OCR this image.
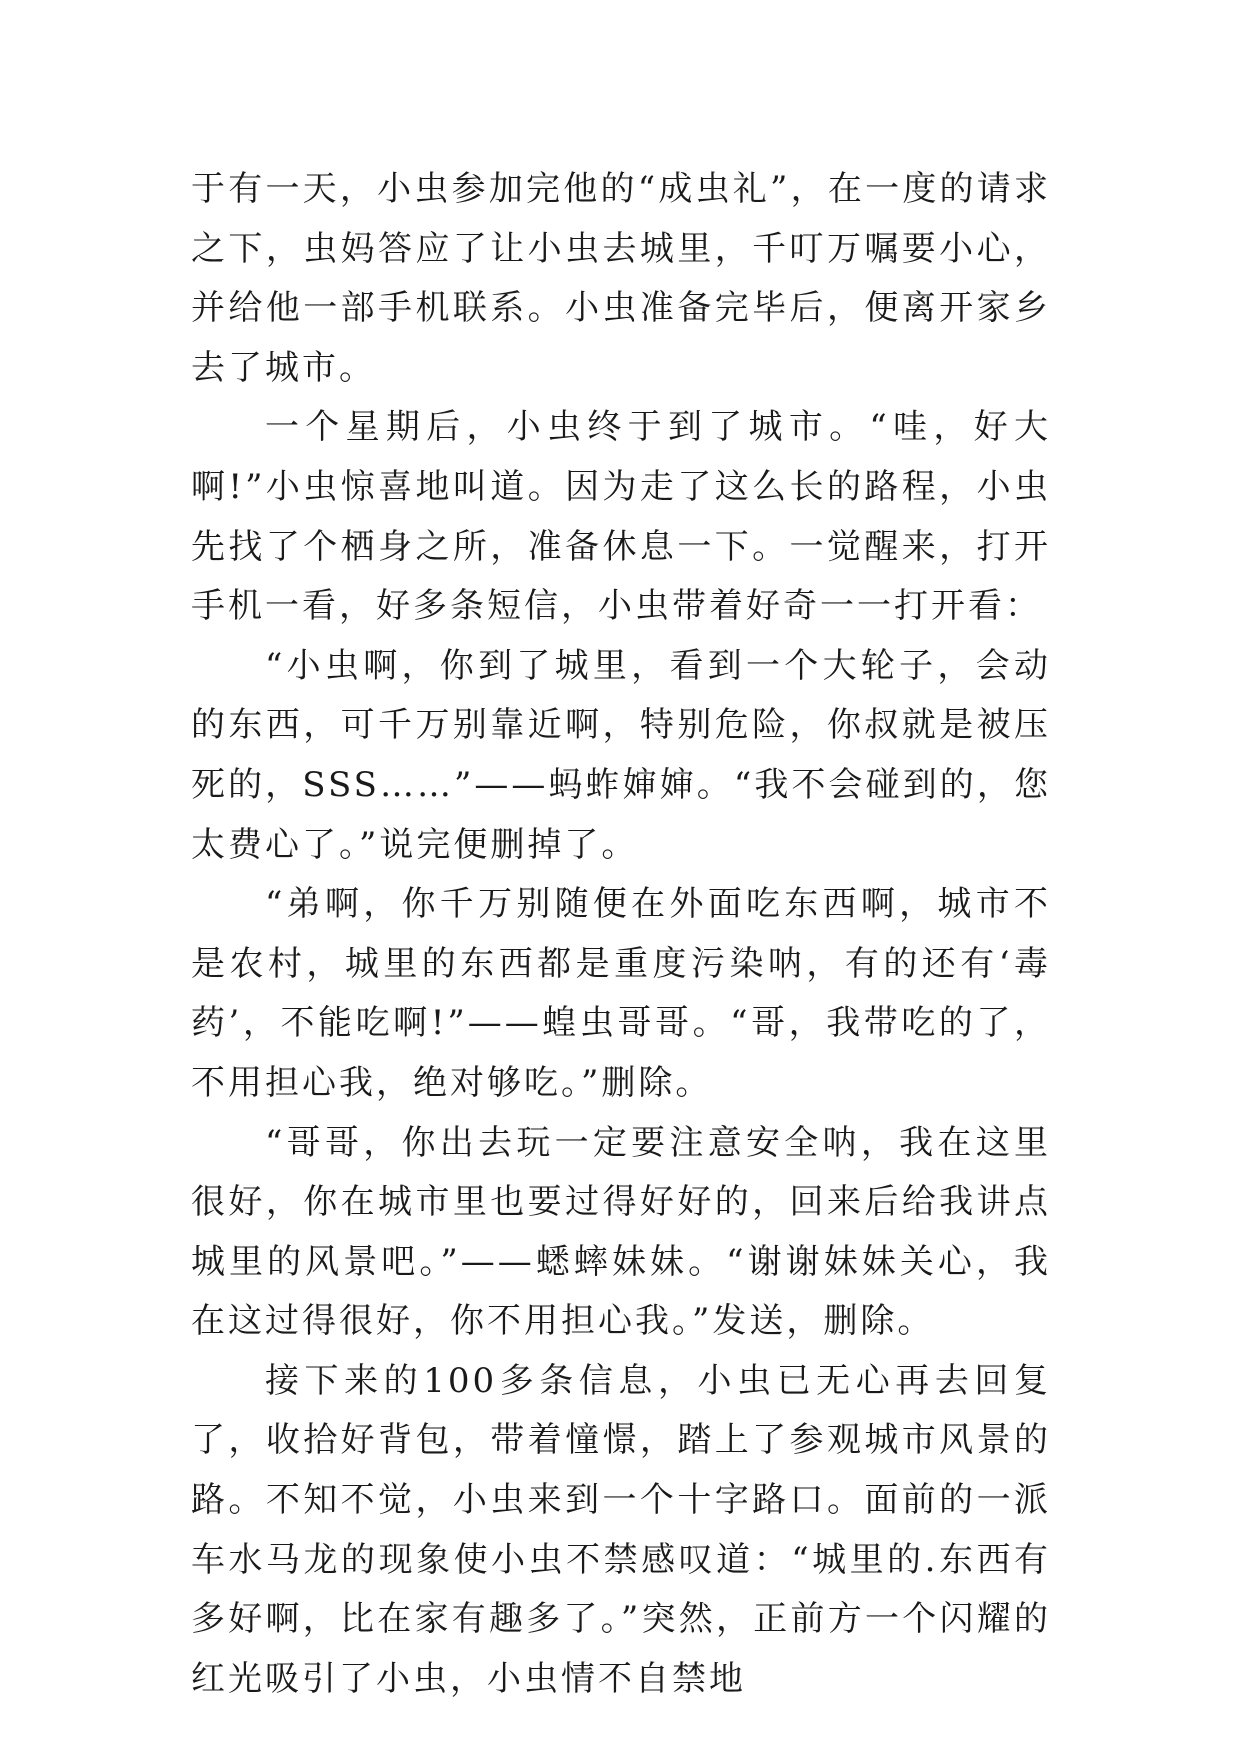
于有一天，小虫参加完他的“成虫礼”，在一度的请求之下，虫妈答应了让小虫去城里，千叮万嘱要小心，并给他一部手机联系。小虫准备完毕后，便离开家乡去了城市。

一个星期后，小虫终于到了城市。“哇，好大啊!”小虫惊喜地叫道。因为走了这么长的路程，小虫先找了个栖身之所，准备休息一下。一觉醒来，打开手机一看，好多条短信，小虫带着好奇一一打开看：

“小虫啊，你到了城里，看到一个大轮子，会动的东西，可千万别靠近啊，特别危险，你叔就是被压死的，SSS……”——蚂蚱婶婶。“我不会碰到的，您太费心了。”说完便删掉了。

“弟啊，你千万别随便在外面吃东西啊，城市不是农村，城里的东西都是重度污染呐，有的还有‘毒药’，不能吃啊!”——蝗虫哥哥。“哥，我带吃的了，不用担心我，绝对够吃。”删除。

“哥哥，你出去玩一定要注意安全呐，我在这里很好，你在城市里也要过得好好的，回来后给我讲点城里的风景吧。”——蟋蟀妹妹。“谢谢妹妹关心，我在这过得很好，你不用担心我。”发送，删除。

接下来的100多条信息，小虫已无心再去回复了，收拾好背包，带着憧憬，踏上了参观城市风景的路。不知不觉，小虫来到一个十字路口。面前的一派车水马龙的现象使小虫不禁感叹道：“城里的.东西有多好啊，比在家有趣多了。”突然，正前方一个闪耀的红光吸引了小虫，小虫情不自禁地
